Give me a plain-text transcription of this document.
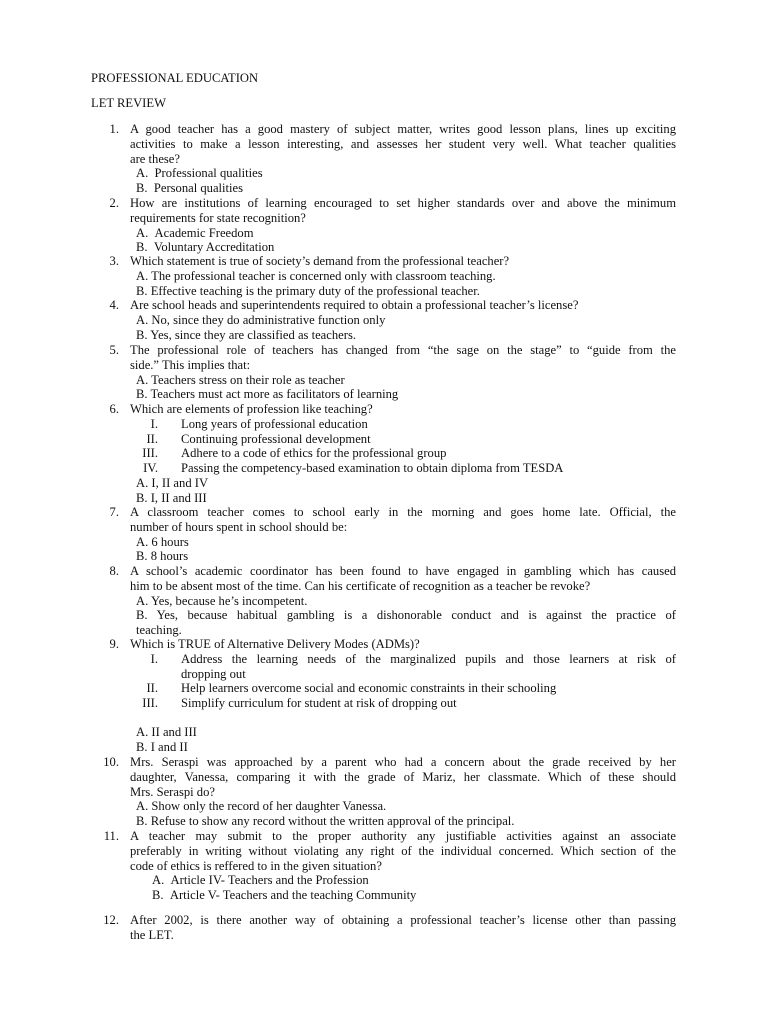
PROFESSIONAL EDUCATION

LET REVIEW

1. A good teacher has a good mastery of subject matter, writes good lesson plans, lines up exciting
activities to make a lesson interesting, and assesses her student very well. What teacher qualities
are these?
A. Professional qualities
B. Personal qualities
2. How are institutions of learning encouraged to set higher standards over and above the minimum
requirements for state recognition?
A. Academic Freedom
B. Voluntary Accreditation
3. Which statement is true of society’s demand from the professional teacher?
A. The professional teacher is concerned only with classroom teaching.
B. Effective teaching is the primary duty of the professional teacher.
4. Are school heads and superintendents required to obtain a professional teacher’s license?
A. No, since they do administrative function only
B. Yes, since they are classified as teachers.
5. The professional role of teachers has changed from “the sage on the stage” to “guide from the
side.” This implies that:
A. Teachers stress on their role as teacher
B. Teachers must act more as facilitators of learning
6. Which are elements of profession like teaching?
I. Long years of professional education
II. Continuing professional development
III. Adhere to a code of ethics for the professional group
IV. Passing the competency-based examination to obtain diploma from TESDA
A. I, II and IV
B. I, II and III
7. A classroom teacher comes to school early in the morning and goes home late. Official, the
number of hours spent in school should be:
A. 6 hours
B. 8 hours
8. A school’s academic coordinator has been found to have engaged in gambling which has caused
him to be absent most of the time. Can his certificate of recognition as a teacher be revoke?
A. Yes, because he’s incompetent.
B. Yes, because habitual gambling is a dishonorable conduct and is against the practice of
teaching.
9. Which is TRUE of Alternative Delivery Modes (ADMs)?
I. Address the learning needs of the marginalized pupils and those learners at risk of
dropping out
II. Help learners overcome social and economic constraints in their schooling
III. Simplify curriculum for student at risk of dropping out
A. II and III
B. I and II
10. Mrs. Seraspi was approached by a parent who had a concern about the grade received by her
daughter, Vanessa, comparing it with the grade of Mariz, her classmate. Which of these should
Mrs. Seraspi do?
A. Show only the record of her daughter Vanessa.
B. Refuse to show any record without the written approval of the principal.
11. A teacher may submit to the proper authority any justifiable activities against an associate
preferably in writing without violating any right of the individual concerned. Which section of the
code of ethics is reffered to in the given situation?
A. Article IV- Teachers and the Profession
B. Article V- Teachers and the teaching Community
12. After 2002, is there another way of obtaining a professional teacher’s license other than passing
the LET.
